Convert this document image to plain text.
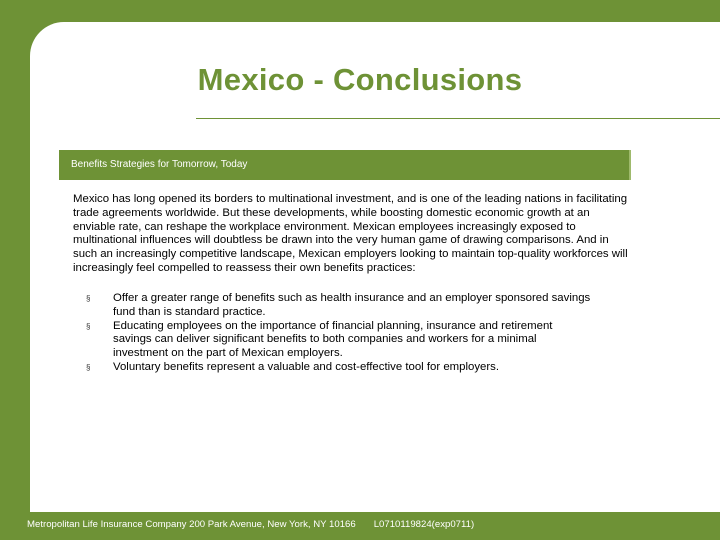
Mexico - Conclusions
Benefits Strategies for Tomorrow, Today
Mexico has long opened its borders to multinational investment, and is one of the leading nations in facilitating trade agreements worldwide. But these developments, while boosting domestic economic growth at an enviable rate, can reshape the workplace environment. Mexican employees increasingly exposed to multinational influences will doubtless be drawn into the very human game of drawing comparisons. And in such an increasingly competitive landscape, Mexican employers looking to maintain top-quality workforces will increasingly feel compelled to reassess their own benefits practices:
§ Offer a greater range of benefits such as health insurance and an employer sponsored savings fund than is standard practice.
§ Educating employees on the importance of financial planning, insurance and retirement savings can deliver significant benefits to both companies and workers for a minimal investment on the part of Mexican employers.
§ Voluntary benefits represent a valuable and cost-effective tool for employers.
Metropolitan Life Insurance Company 200 Park Avenue, New York, NY 10166 L0710119824(exp0711)
